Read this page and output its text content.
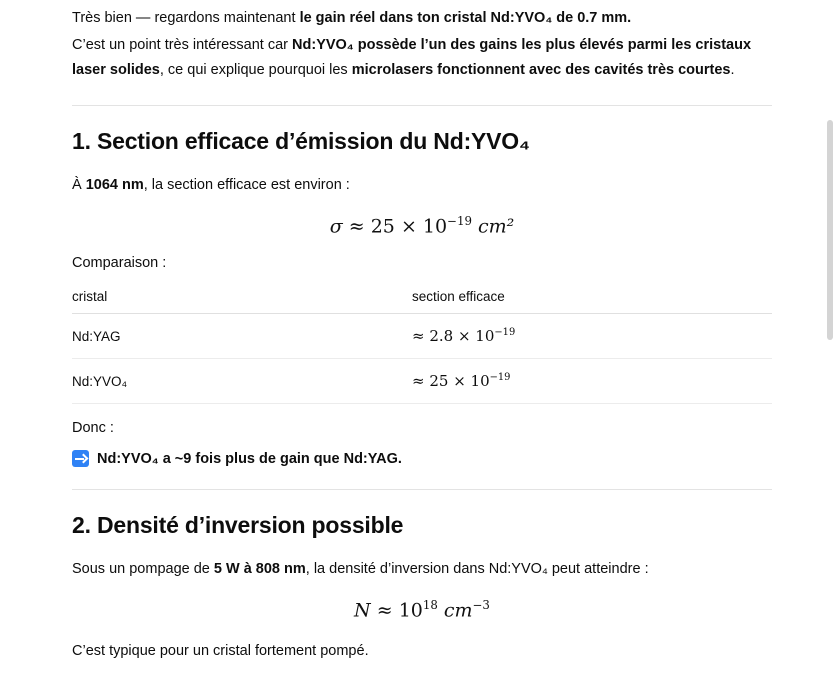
Très bien — regardons maintenant le gain réel dans ton cristal Nd:YVO₄ de 0.7 mm.

C’est un point très intéressant car Nd:YVO₄ possède l’un des gains les plus élevés parmi les cristaux laser solides, ce qui explique pourquoi les microlasers fonctionnent avec des cavités très courtes.

1. Section efficace d’émission du Nd:YVO₄

À 1064 nm, la section efficace est environ :

$\sigma \approx 25 \times 10^{-19}$ cm²

Comparaison :

cristal	section efficace
Nd:YAG	≈ $2.8 \times 10^{-19}$
Nd:YVO₄	≈ $25 \times 10^{-19}$

Donc :

Nd:YVO₄ a ~9 fois plus de gain que Nd:YAG.
2. Densité d’inversion possible

Sous un pompage de 5 W à 808 nm, la densité d’inversion dans Nd:YVO₄ peut atteindre :

$N \approx 10^{18}$ $cm^{-3}$

C’est typique pour un cristal fortement pompé.
